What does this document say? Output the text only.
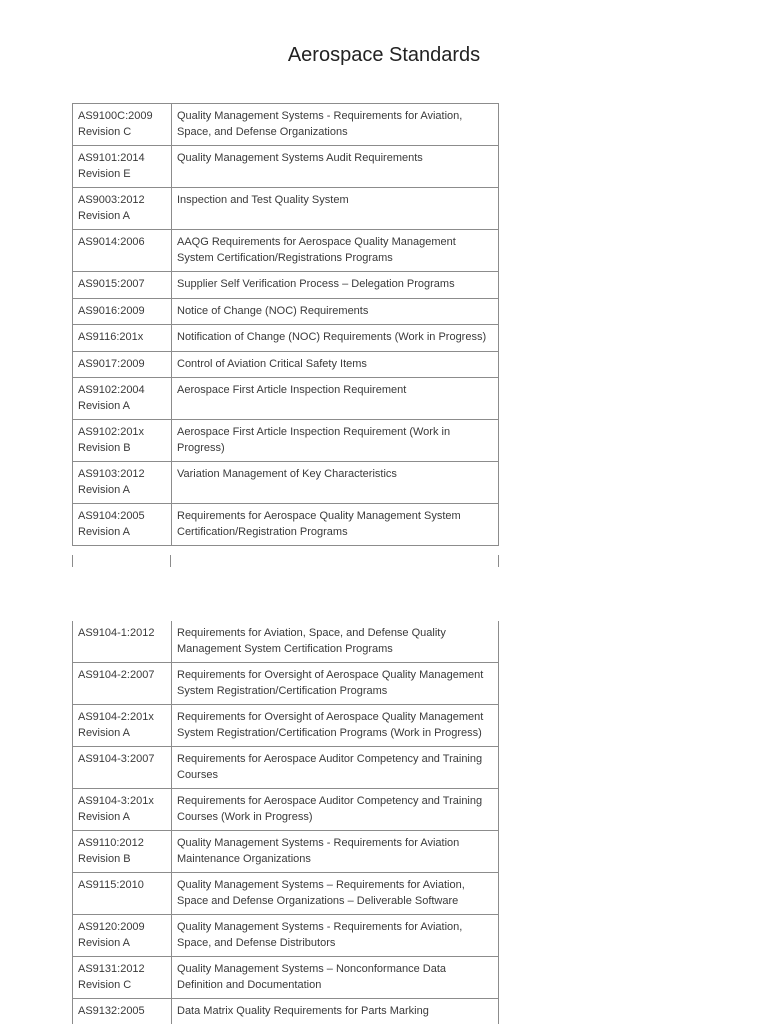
Aerospace Standards
AS9100C:2009
Revision C	Quality Management Systems - Requirements for Aviation, Space, and Defense Organizations
AS9101:2014
Revision E	Quality Management Systems Audit Requirements
AS9003:2012
Revision A	Inspection and Test Quality System
AS9014:2006	AAQG Requirements for Aerospace Quality Management System Certification/Registrations Programs
AS9015:2007	Supplier Self Verification Process – Delegation Programs
AS9016:2009	Notice of Change (NOC) Requirements
AS9116:201x	Notification of Change (NOC) Requirements (Work in Progress)
AS9017:2009	Control of Aviation Critical Safety Items
AS9102:2004
Revision A	Aerospace First Article Inspection Requirement
AS9102:201x
Revision B	Aerospace First Article Inspection Requirement (Work in Progress)
AS9103:2012
Revision A	Variation Management of Key Characteristics
AS9104:2005
Revision A	Requirements for Aerospace Quality Management System Certification/Registration Programs
AS9104-1:2012	Requirements for Aviation, Space, and Defense Quality Management System Certification Programs
AS9104-2:2007	Requirements for Oversight of Aerospace Quality Management System Registration/Certification Programs
AS9104-2:201x
Revision A	Requirements for Oversight of Aerospace Quality Management System Registration/Certification Programs (Work in Progress)
AS9104-3:2007	Requirements for Aerospace Auditor Competency and Training Courses
AS9104-3:201x
Revision A	Requirements for Aerospace Auditor Competency and Training Courses (Work in Progress)
AS9110:2012
Revision B	Quality Management Systems - Requirements for Aviation Maintenance Organizations
AS9115:2010	Quality Management Systems – Requirements for Aviation, Space and Defense Organizations – Deliverable Software
AS9120:2009
Revision A	Quality Management Systems - Requirements for Aviation, Space, and Defense Distributors
AS9131:2012
Revision C	Quality Management Systems – Nonconformance Data Definition and Documentation
AS9132:2005	Data Matrix Quality Requirements for Parts Marking
